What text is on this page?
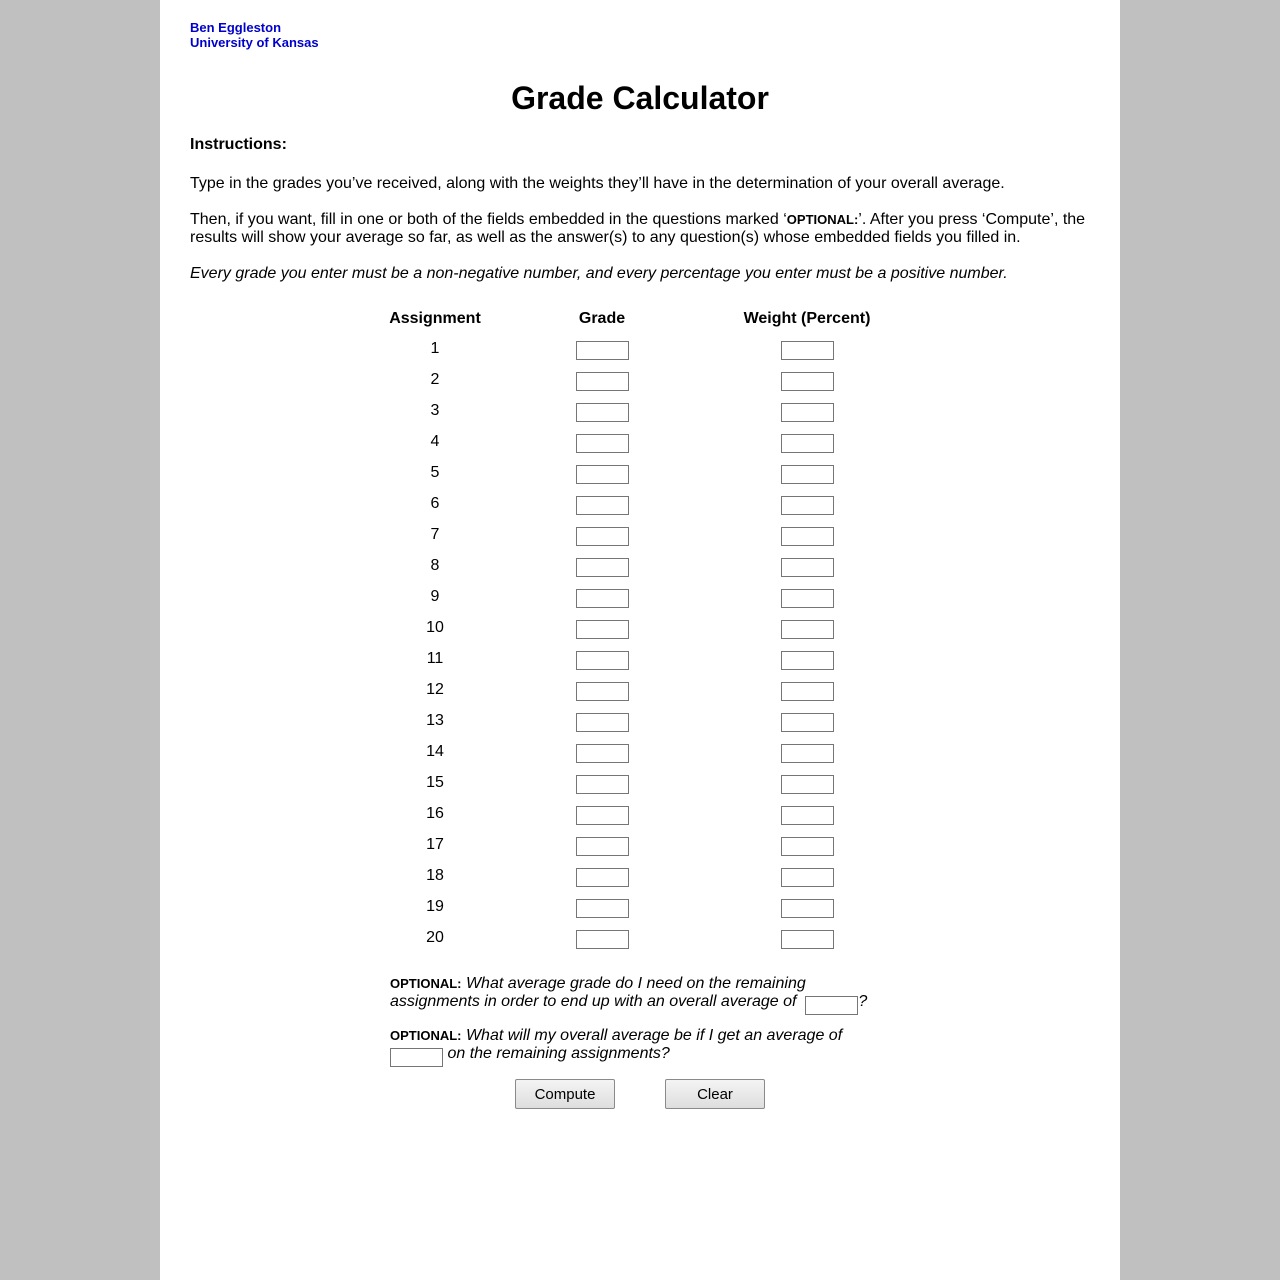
Ben Eggleston
University of Kansas
Grade Calculator
Instructions:
Type in the grades you’ve received, along with the weights they’ll have in the determination of your overall average.
Then, if you want, fill in one or both of the fields embedded in the questions marked ‘OPTIONAL:’. After you press ‘Compute’, the results will show your average so far, as well as the answer(s) to any question(s) whose embedded fields you filled in.
Every grade you enter must be a non-negative number, and every percentage you enter must be a positive number.
Assignment	Grade	Weight (Percent)
1
2
3
4
5
6
7
8
9
10
11
12
13
14
15
16
17
18
19
20
OPTIONAL: What average grade do I need on the remaining assignments in order to end up with an overall average of	?
OPTIONAL: What will my overall average be if I get an average of
on the remaining assignments?
Compute	Clear
